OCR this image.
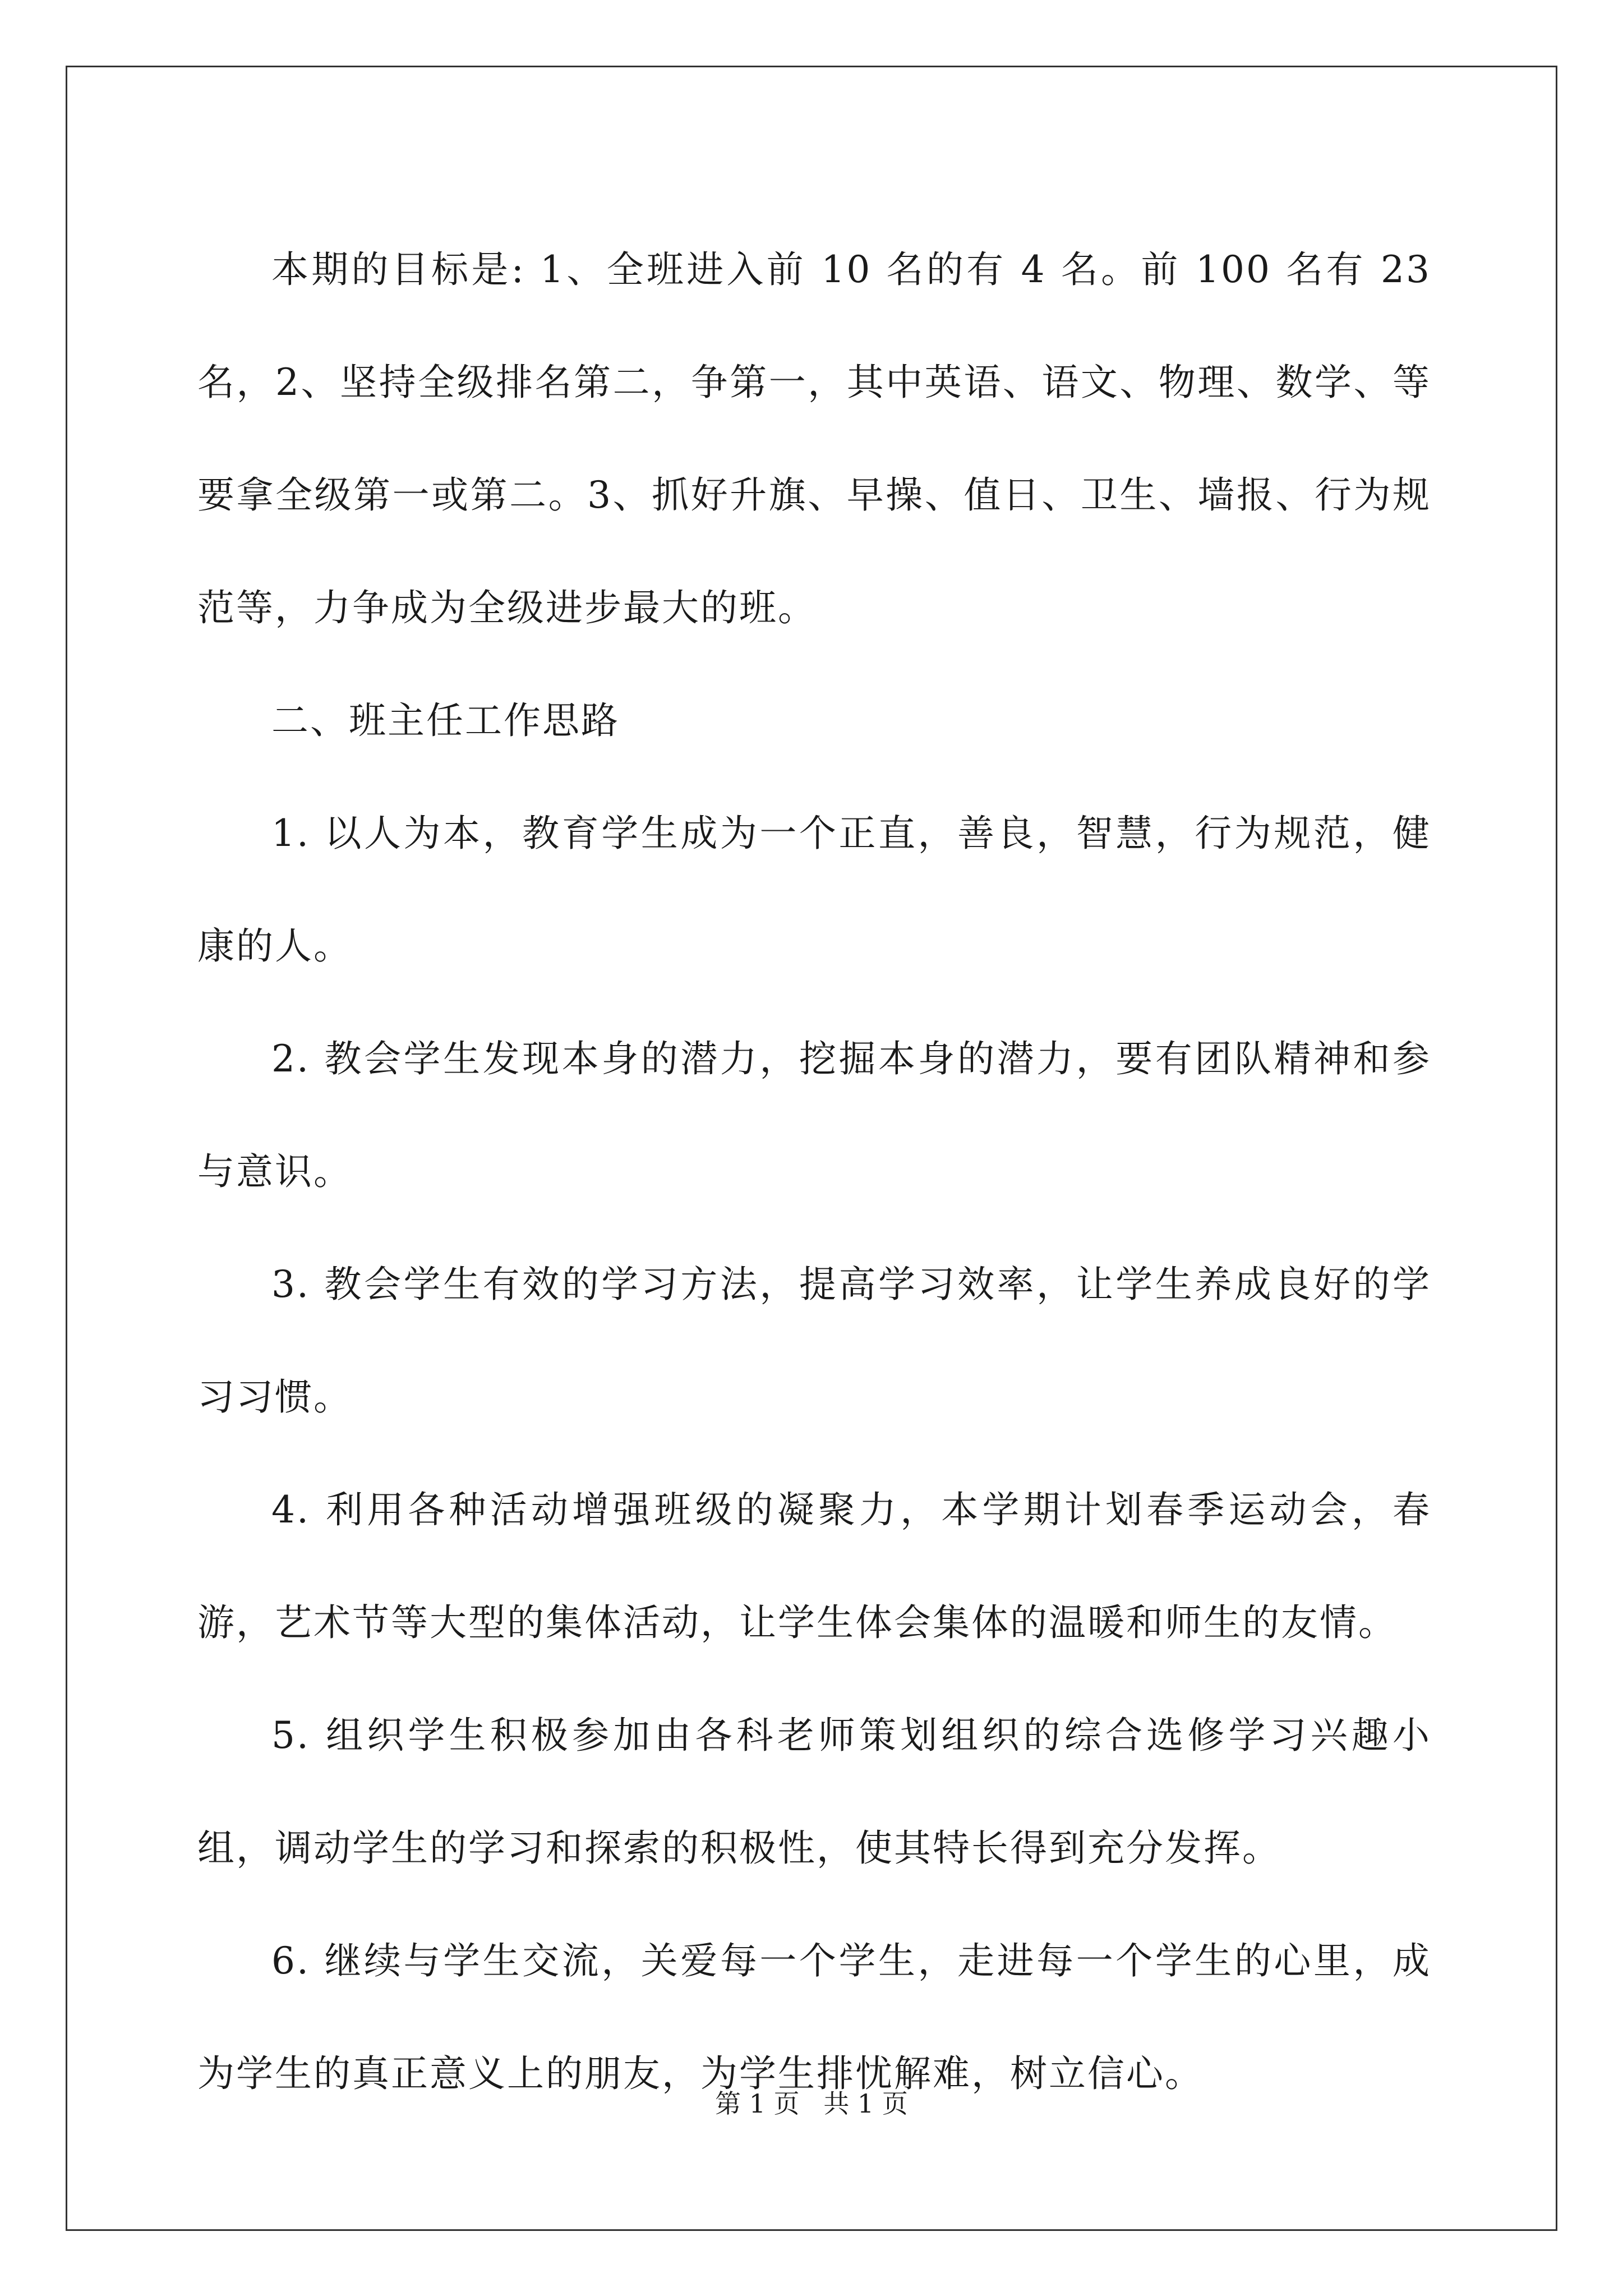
本期的目标是: 1、全班进入前 10 名的有 4 名。前 100 名有 23 名，2、坚持全级排名第二，争第一，其中英语、语文、物理、数学、等要拿全级第一或第二。3、抓好升旗、早操、值日、卫生、墙报、行为规范等，力争成为全级进步最大的班。

二、班主任工作思路

1. 以人为本，教育学生成为一个正直，善良，智慧，行为规范，健康的人。

2. 教会学生发现本身的潜力，挖掘本身的潜力，要有团队精神和参与意识。

3. 教会学生有效的学习方法，提高学习效率，让学生养成良好的学习习惯。

4. 利用各种活动增强班级的凝聚力，本学期计划春季运动会，春游，艺术节等大型的集体活动，让学生体会集体的温暖和师生的友情。

5. 组织学生积极参加由各科老师策划组织的综合选修学习兴趣小组，调动学生的学习和探索的积极性，使其特长得到充分发挥。

6. 继续与学生交流，关爱每一个学生，走进每一个学生的心里，成为学生的真正意义上的朋友，为学生排忧解难，树立信心。

第 1 页 共 1 页
